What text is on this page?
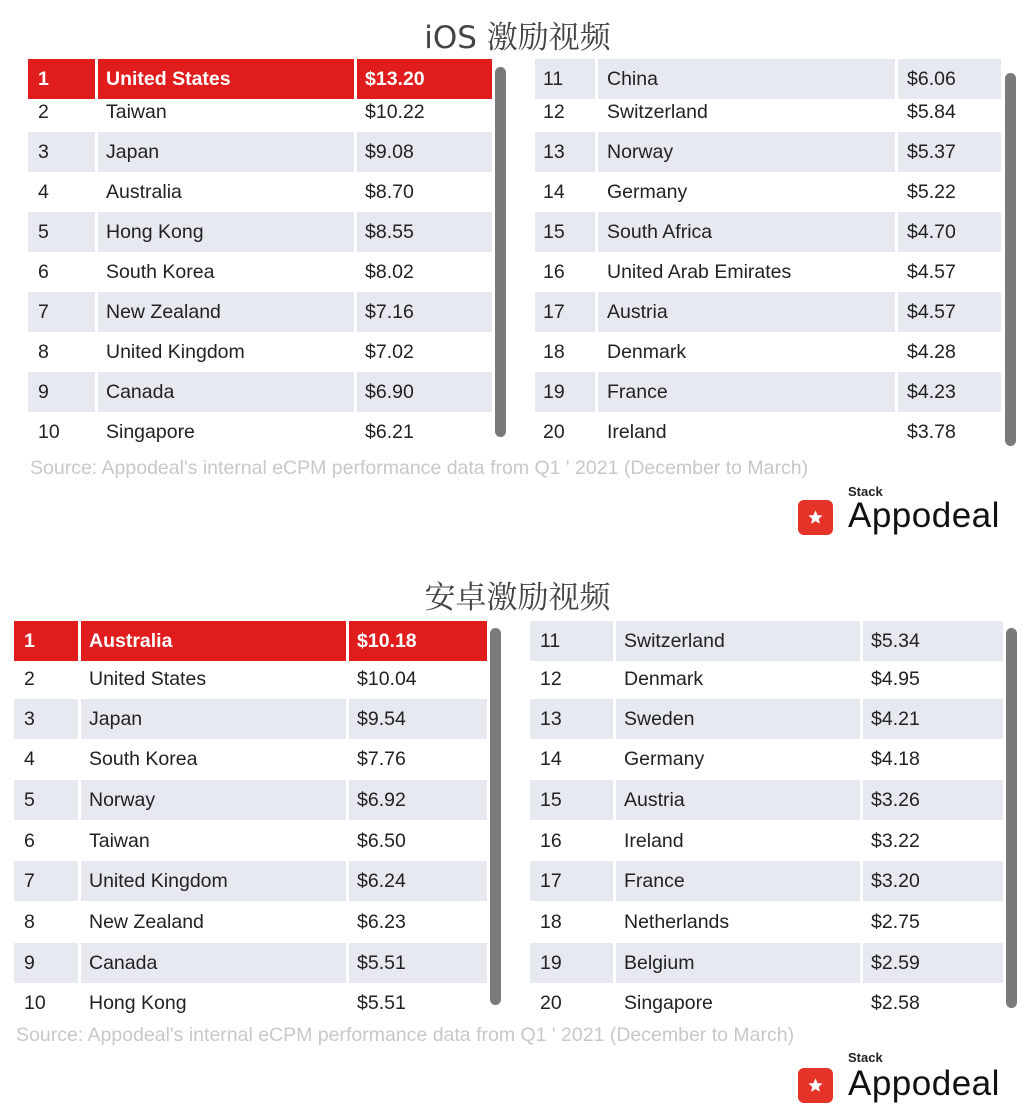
iOS 激励视频
1	United States	$13.20
2	Taiwan	$10.22
3	Japan	$9.08
4	Australia	$8.70
5	Hong Kong	$8.55
6	South Korea	$8.02
7	New Zealand	$7.16
8	United Kingdom	$7.02
9	Canada	$6.90
10 Singapore	$6.21
11 China	$6.06
12 Switzerland	$5.84
13 Norway	$5.37
14 Germany	$5.22
15 South Africa	$4.70
16 United Arab Emirates	$4.57
17 Austria	$4.57
18 Denmark	$4.28
19 France	$4.23
20 Ireland	$3.78
Source: Appodeal's internal eCPM performance data from Q1 ' 2021 (December to March)
Stack
Appodeal
安卓激励视频
1	Australia	$10.18
2	United States	$10.04
3	Japan	$9.54
4	South Korea	$7.76
5	Norway	$6.92
6	Taiwan	$6.50
7	United Kingdom	$6.24
8	New Zealand	$6.23
9	Canada	$5.51
10 Hong Kong	$5.51
11	Switzerland	$5.34
12	Denmark	$4.95
13	Sweden	$4.21
14	Germany	$4.18
15	Austria	$3.26
16	Ireland	$3.22
17	France	$3.20
18	Netherlands	$2.75
19	Belgium	$2.59
20	Singapore	$2.58
Source: Appodeal's internal eCPM performance data from Q1 ' 2021 (December to March)
Stack
Appodeal
